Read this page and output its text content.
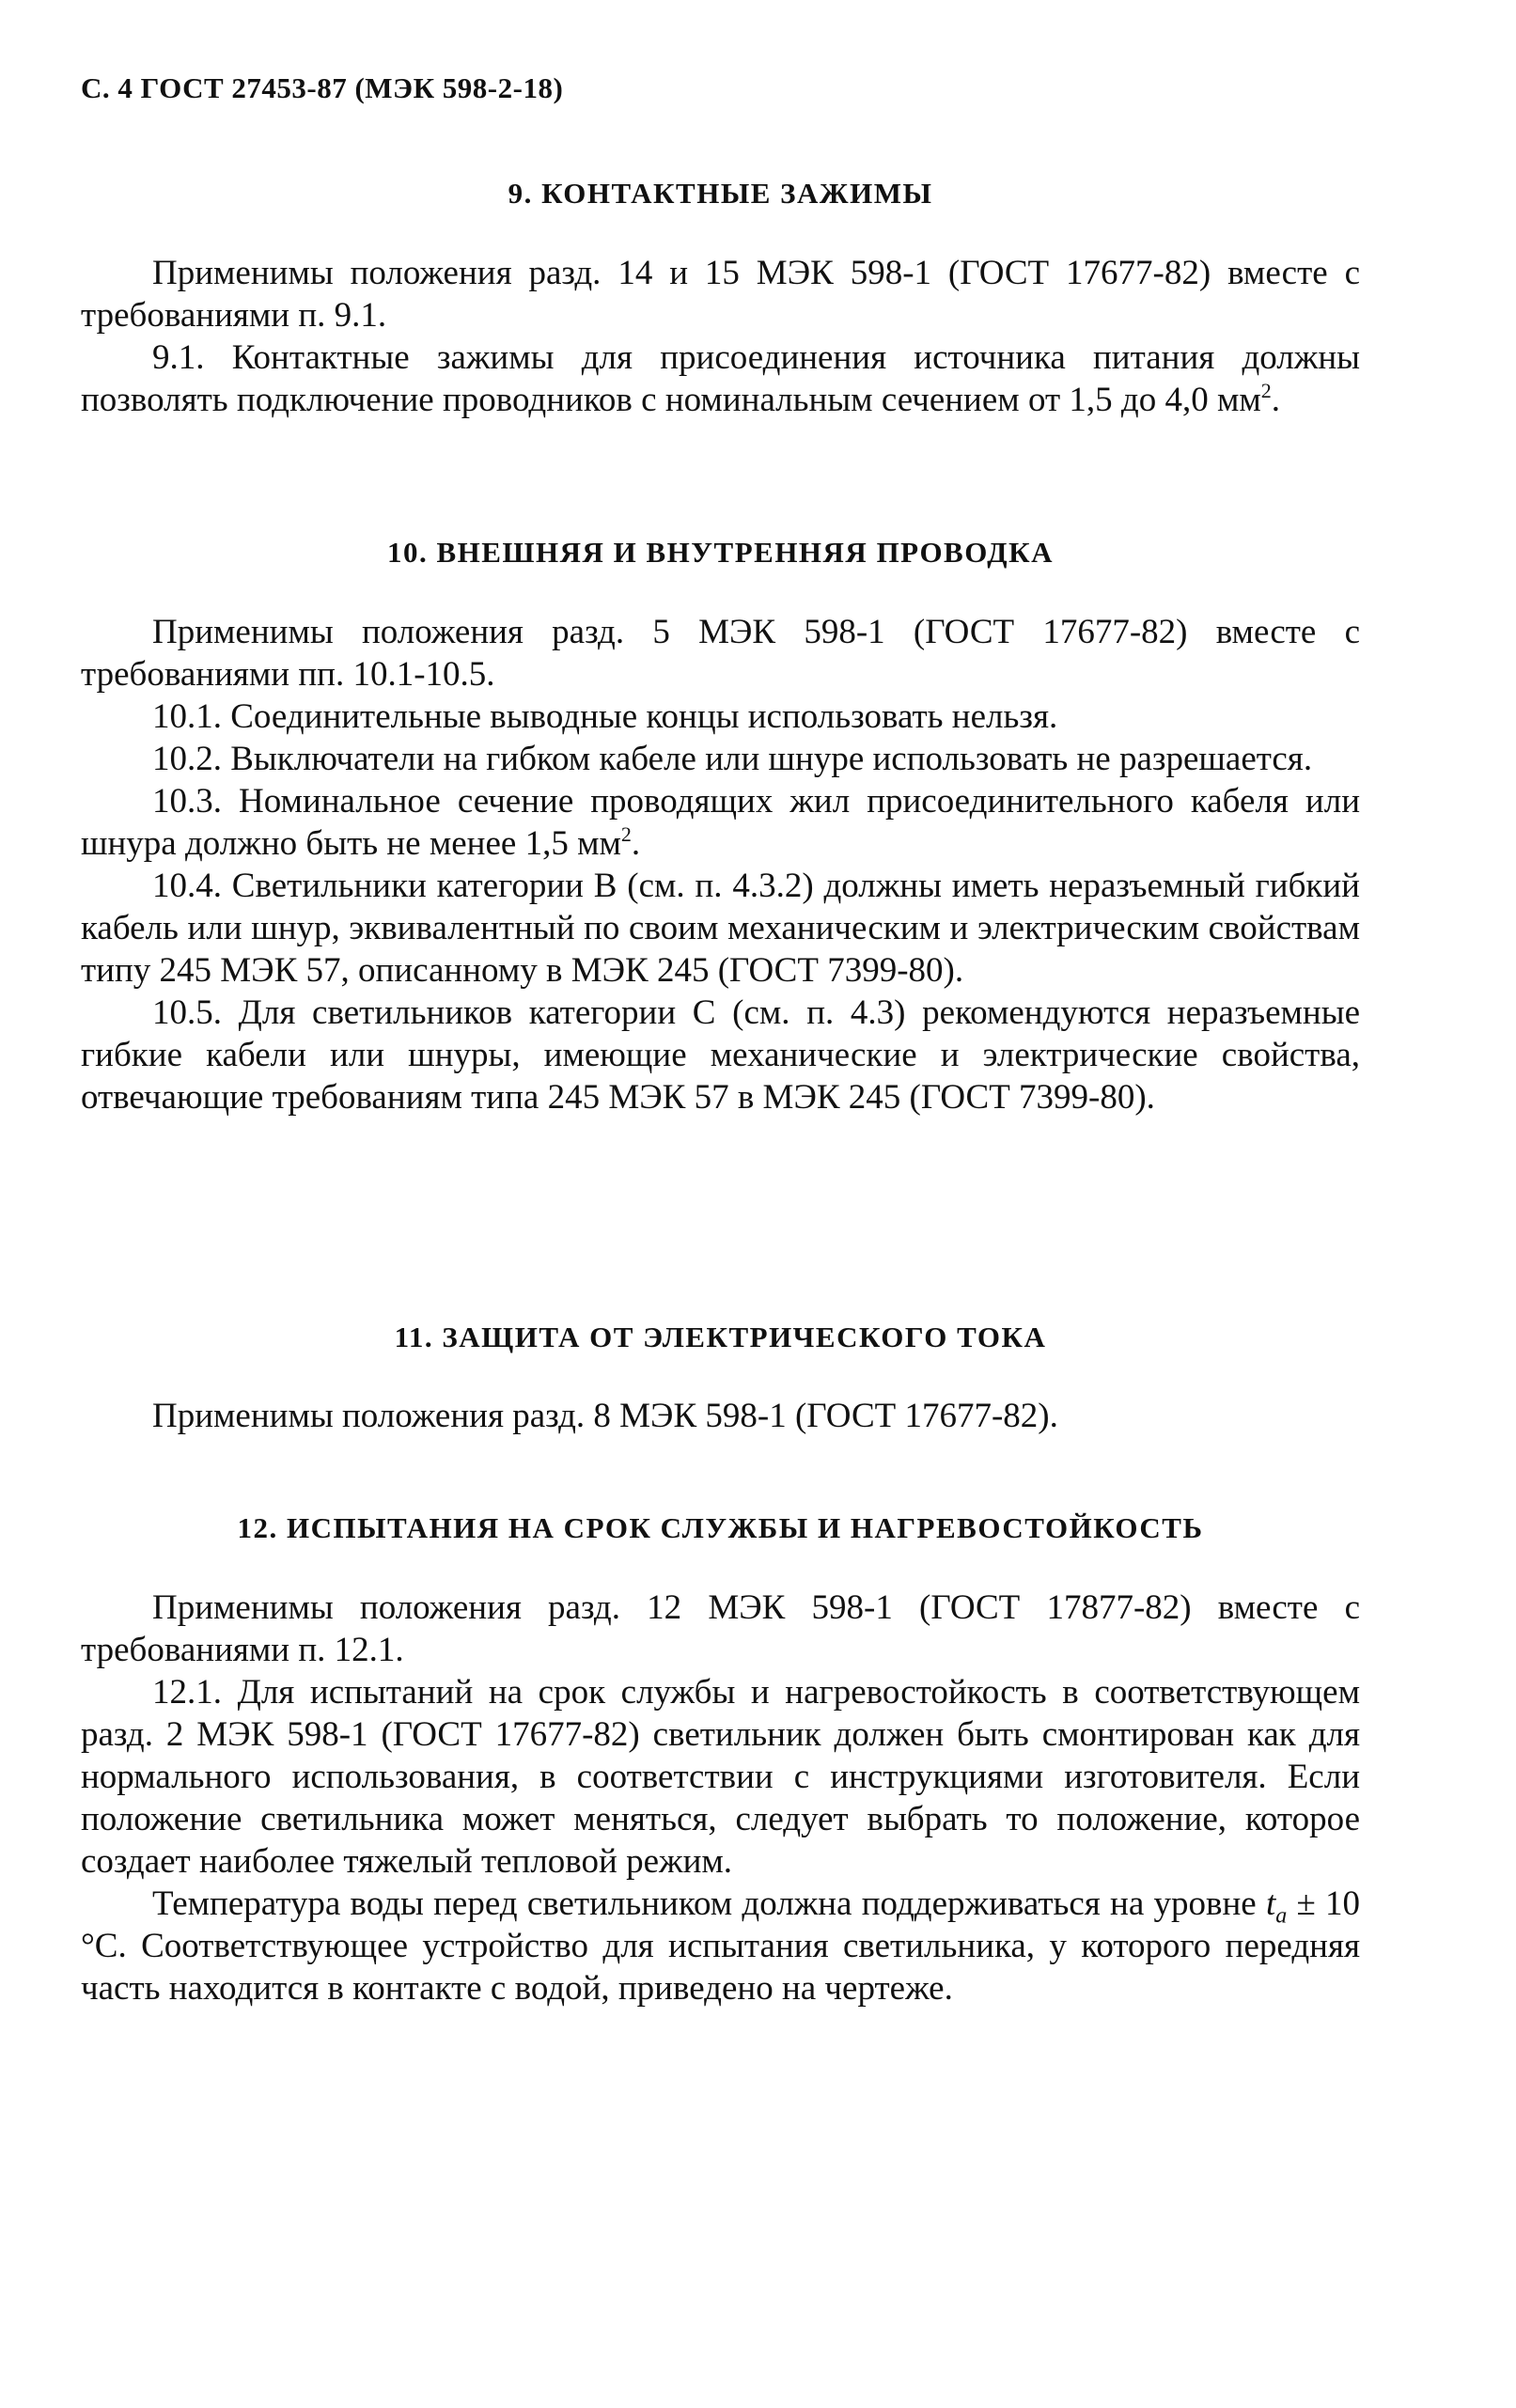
С. 4 ГОСТ 27453-87 (МЭК 598-2-18)
9. КОНТАКТНЫЕ ЗАЖИМЫ

Применимы положения разд. 14 и 15 МЭК 598-1 (ГОСТ 17677-82) вместе с требованиями п. 9.1.

9.1. Контактные зажимы для присоединения источника питания должны позволять подключение проводников с номинальным сечением от 1,5 до 4,0 $мм^2$.

10. ВНЕШНЯЯ И ВНУТРЕННЯЯ ПРОВОДКА

Применимы положения разд. 5 МЭК 598-1 (ГОСТ 17677-82) вместе с требованиями пп. 10.1-10.5.

10.1. Соединительные выводные концы использовать нельзя.

10.2. Выключатели на гибком кабеле или шнуре использовать не разрешается.

10.3. Номинальное сечение проводящих жил присоединительного кабеля или шнура должно быть не менее 1,5 $мм^2$.

10.4. Светильники категории В (см. п. 4.3.2) должны иметь неразъемный гибкий кабель или шнур, эквивалентный по своим механическим и электрическим свойствам типу 245 МЭК 57, описанному в МЭК 245 (ГОСТ 7399-80).

10.5. Для светильников категории С (см. п. 4.3) рекомендуются неразъемные гибкие кабели или шнуры, имеющие механические и электрические свойства, отвечающие требованиям типа 245 МЭК 57 в МЭК 245 (ГОСТ 7399-80).

11. ЗАЩИТА ОТ ЭЛЕКТРИЧЕСКОГО ТОКА

Применимы положения разд. 8 МЭК 598-1 (ГОСТ 17677-82).

12. ИСПЫТАНИЯ НА СРОК СЛУЖБЫ И НАГРЕВОСТОЙКОСТЬ

Применимы положения разд. 12 МЭК 598-1 (ГОСТ 17877-82) вместе с требованиями п. 12.1.

12.1. Для испытаний на срок службы и нагревостойкость в соответствующем разд. 2 МЭК 598-1 (ГОСТ 17677-82) светильник должен быть смонтирован как для нормального использования, в соответствии с инструкциями изготовителя. Если положение светильника может меняться, следует выбрать то положение, которое создает наиболее тяжелый тепловой режим.

Температура воды перед светильником должна поддерживаться на уровне $t_a \pm 10$ °С. Соответствующее устройство для испытания светильника, у которого передняя часть находится в контакте с водой, приведено на чертеже.
